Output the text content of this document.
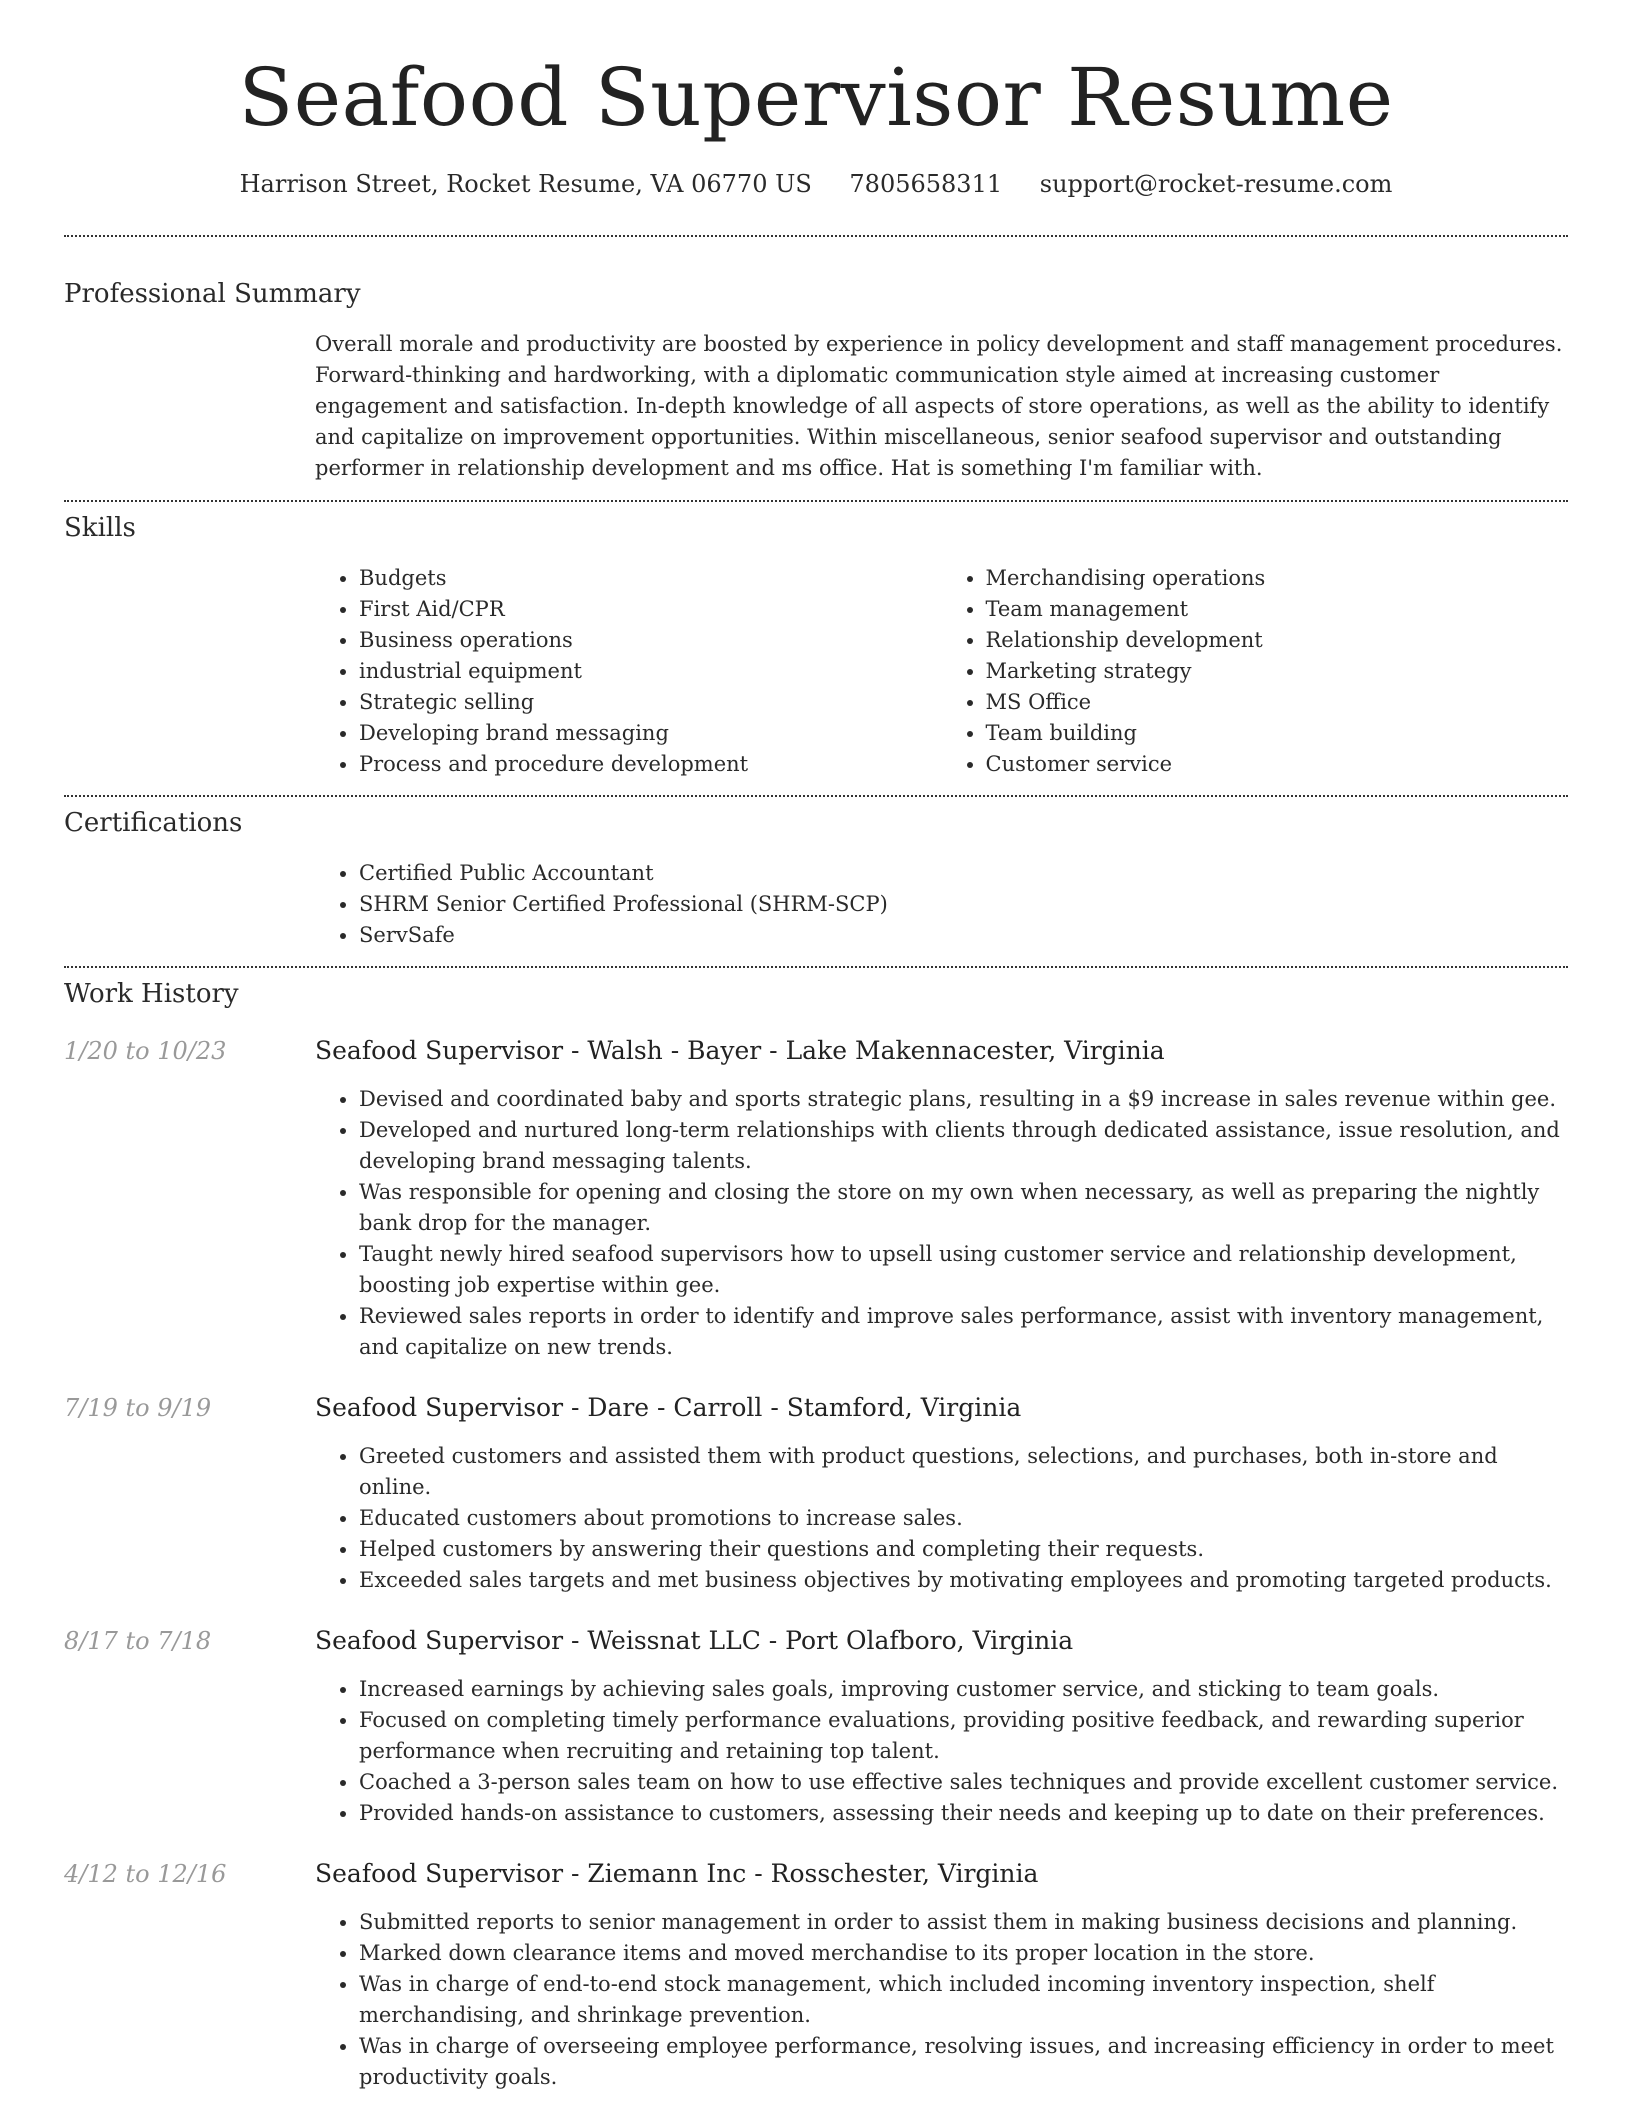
Seafood Supervisor Resume
Harrison Street, Rocket Resume, VA 06770 US 7805658311 support@rocket-resume.com
Professional Summary
Overall morale and productivity are boosted by experience in policy development and staff management procedures. Forward-thinking and hardworking, with a diplomatic communication style aimed at increasing customer engagement and satisfaction. In-depth knowledge of all aspects of store operations, as well as the ability to identify and capitalize on improvement opportunities. Within miscellaneous, senior seafood supervisor and outstanding performer in relationship development and ms office. Hat is something I'm familiar with.
Skills
• Budgets
• First Aid/CPR
• Business operations
• industrial equipment
• Strategic selling
• Developing brand messaging
• Process and procedure development
• Merchandising operations
• Team management
• Relationship development
• Marketing strategy
• MS Office
• Team building
• Customer service
Certifications
• Certified Public Accountant
• SHRM Senior Certified Professional (SHRM-SCP)
• ServSafe
Work History
1/20 to 10/23	Seafood Supervisor - Walsh - Bayer - Lake Makennacester, Virginia
• Devised and coordinated baby and sports strategic plans, resulting in a $9 increase in sales revenue within gee.
• Developed and nurtured long-term relationships with clients through dedicated assistance, issue resolution, and developing brand messaging talents.
• Was responsible for opening and closing the store on my own when necessary, as well as preparing the nightly bank drop for the manager.
• Taught newly hired seafood supervisors how to upsell using customer service and relationship development, boosting job expertise within gee.
• Reviewed sales reports in order to identify and improve sales performance, assist with inventory management, and capitalize on new trends.
7/19 to 9/19	Seafood Supervisor - Dare - Carroll - Stamford, Virginia
• Greeted customers and assisted them with product questions, selections, and purchases, both in-store and online.
• Educated customers about promotions to increase sales.
• Helped customers by answering their questions and completing their requests.
• Exceeded sales targets and met business objectives by motivating employees and promoting targeted products.
8/17 to 7/18	Seafood Supervisor - Weissnat LLC - Port Olafboro, Virginia
• Increased earnings by achieving sales goals, improving customer service, and sticking to team goals.
• Focused on completing timely performance evaluations, providing positive feedback, and rewarding superior performance when recruiting and retaining top talent.
• Coached a 3-person sales team on how to use effective sales techniques and provide excellent customer service.
• Provided hands-on assistance to customers, assessing their needs and keeping up to date on their preferences.
4/12 to 12/16	Seafood Supervisor - Ziemann Inc - Rosschester, Virginia
• Submitted reports to senior management in order to assist them in making business decisions and planning.
• Marked down clearance items and moved merchandise to its proper location in the store.
• Was in charge of end-to-end stock management, which included incoming inventory inspection, shelf merchandising, and shrinkage prevention.
• Was in charge of overseeing employee performance, resolving issues, and increasing efficiency in order to meet productivity goals.
